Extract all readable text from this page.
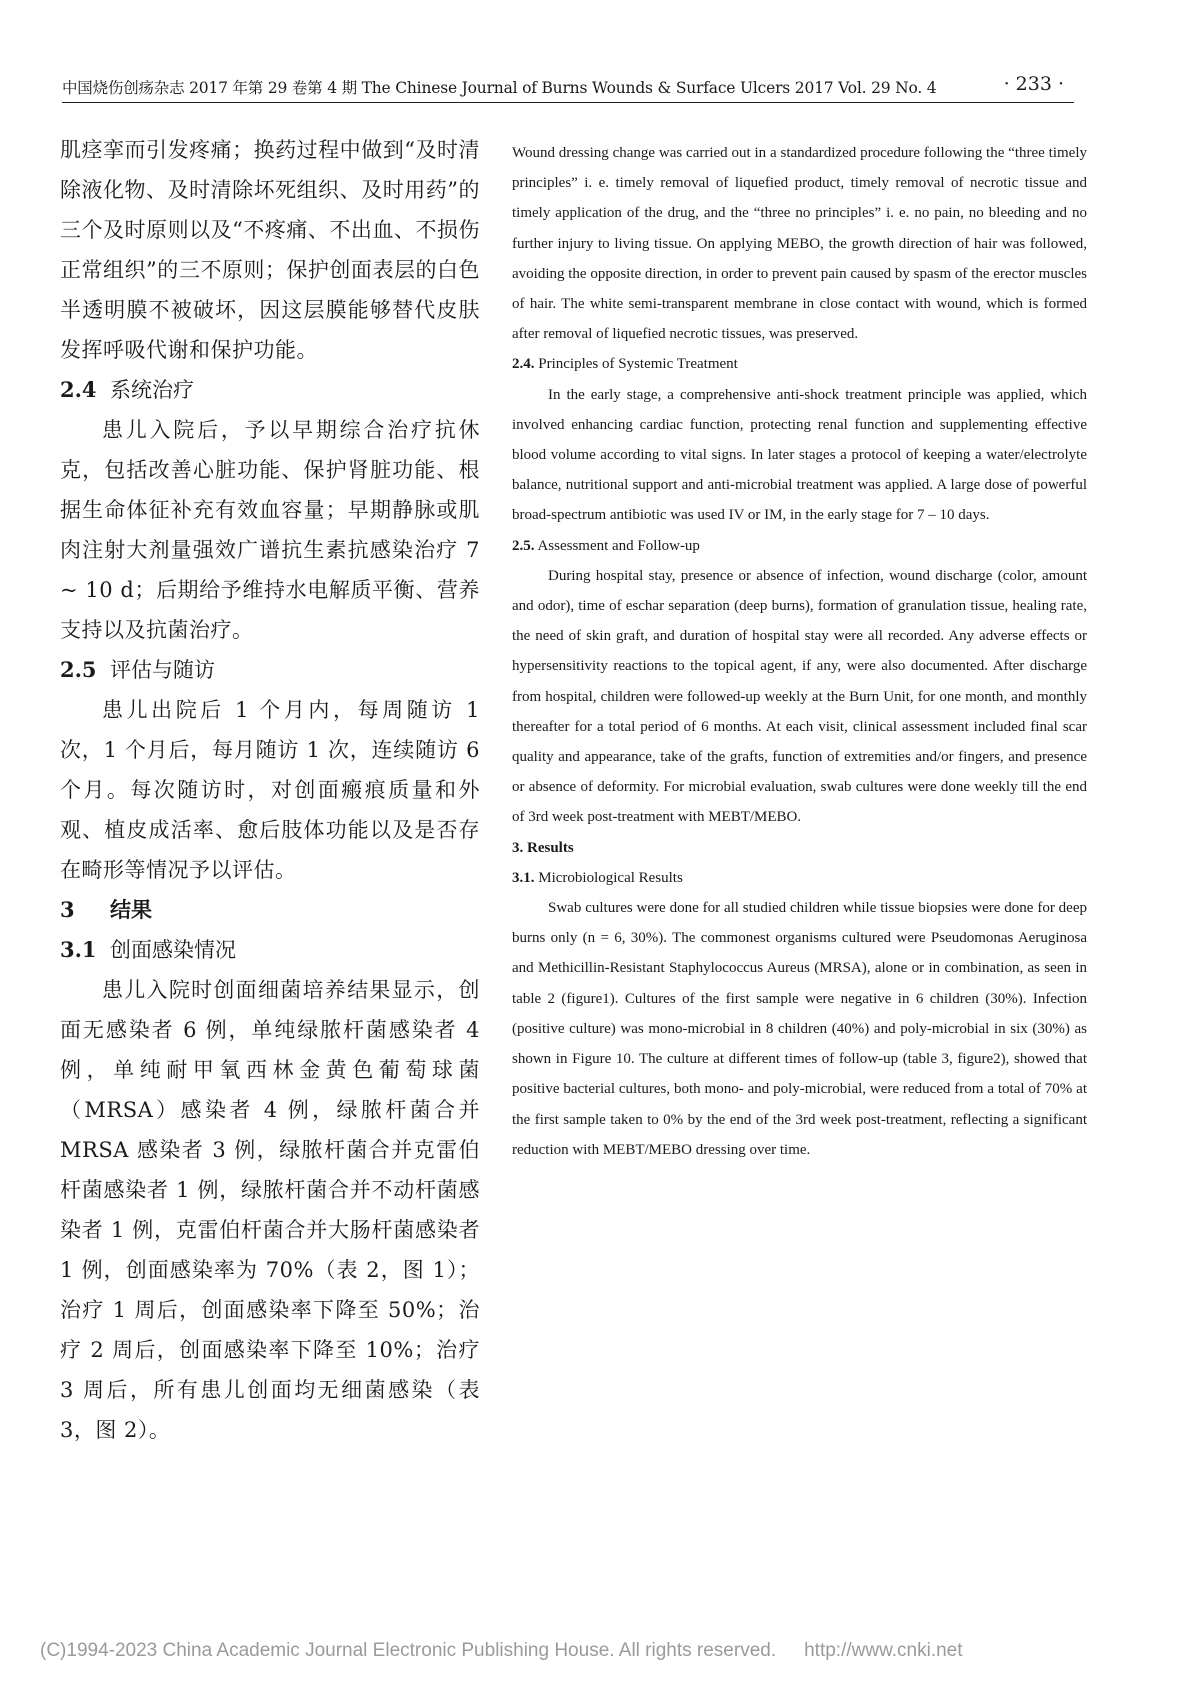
中国烧伤创疡杂志 2017 年第 29 卷第 4 期 The Chinese Journal of Burns Wounds & Surface Ulcers 2017 Vol. 29 No. 4	· 233 ·

肌痉挛而引发疼痛；换药过程中做到“及时清除液化物、及时清除坏死组织、及时用药”的三个及时原则以及“不疼痛、不出血、不损伤正常组织”的三不原则；保护创面表层的白色半透明膜不被破坏，因这层膜能够替代皮肤发挥呼吸代谢和保护功能。

2.4 系统治疗

患儿入院后，予以早期综合治疗抗休克，包括改善心脏功能、保护肾脏功能、根据生命体征补充有效血容量；早期静脉或肌肉注射大剂量强效广谱抗生素抗感染治疗 7 ~ 10 d；后期给予维持水电解质平衡、营养支持以及抗菌治疗。

2.5 评估与随访

患儿出院后 1 个月内，每周随访 1 次，1 个月后，每月随访 1 次，连续随访 6 个月。每次随访时，对创面瘢痕质量和外观、植皮成活率、愈后肢体功能以及是否存在畸形等情况予以评估。

3 结果

3.1 创面感染情况

患儿入院时创面细菌培养结果显示，创面无感染者 6 例，单纯绿脓杆菌感染者 4 例，单纯耐甲氧西林金黄色葡萄球菌（MRSA）感染者 4 例，绿脓杆菌合并 MRSA 感染者 3 例，绿脓杆菌合并克雷伯杆菌感染者 1 例，绿脓杆菌合并不动杆菌感染者 1 例，克雷伯杆菌合并大肠杆菌感染者 1 例，创面感染率为 70%（表 2，图 1）；治疗 1 周后，创面感染率下降至 50%；治疗 2 周后，创面感染率下降至 10%；治疗 3 周后，所有患儿创面均无细菌感染（表 3，图 2）。

Wound dressing change was carried out in a standardized procedure following the “three timely principles” i. e. timely removal of liquefied product, timely removal of necrotic tissue and timely application of the drug, and the “three no principles” i. e. no pain, no bleeding and no further injury to living tissue. On applying MEBO, the growth direction of hair was followed, avoiding the opposite direction, in order to prevent pain caused by spasm of the erector muscles of hair. The white semi-transparent membrane in close contact with wound, which is formed after removal of liquefied necrotic tissues, was preserved.

2.4. Principles of Systemic Treatment

In the early stage, a comprehensive anti-shock treatment principle was applied, which involved enhancing cardiac function, protecting renal function and supplementing effective blood volume according to vital signs. In later stages a protocol of keeping a water/electrolyte balance, nutritional support and anti-microbial treatment was applied. A large dose of powerful broad-spectrum antibiotic was used IV or IM, in the early stage for 7 – 10 days.

2.5. Assessment and Follow-up

During hospital stay, presence or absence of infection, wound discharge (color, amount and odor), time of eschar separation (deep burns), formation of granulation tissue, healing rate, the need of skin graft, and duration of hospital stay were all recorded. Any adverse effects or hypersensitivity reactions to the topical agent, if any, were also documented. After discharge from hospital, children were followed-up weekly at the Burn Unit, for one month, and monthly thereafter for a total period of 6 months. At each visit, clinical assessment included final scar quality and appearance, take of the grafts, function of extremities and/or fingers, and presence or absence of deformity. For microbial evaluation, swab cultures were done weekly till the end of 3rd week post-treatment with MEBT/MEBO.

3. Results

3.1. Microbiological Results

Swab cultures were done for all studied children while tissue biopsies were done for deep burns only (n = 6, 30%). The commonest organisms cultured were Pseudomonas Aeruginosa and Methicillin-Resistant Staphylococcus Aureus (MRSA), alone or in combination, as seen in table 2 (figure1). Cultures of the first sample were negative in 6 children (30%). Infection (positive culture) was mono-microbial in 8 children (40%) and poly-microbial in six (30%) as shown in Figure 10. The culture at different times of follow-up (table 3, figure2), showed that positive bacterial cultures, both mono- and poly-microbial, were reduced from a total of 70% at the first sample taken to 0% by the end of the 3rd week post-treatment, reflecting a significant reduction with MEBT/MEBO dressing over time.

(C)1994-2023 China Academic Journal Electronic Publishing House. All rights reserved. http://www.cnki.net
